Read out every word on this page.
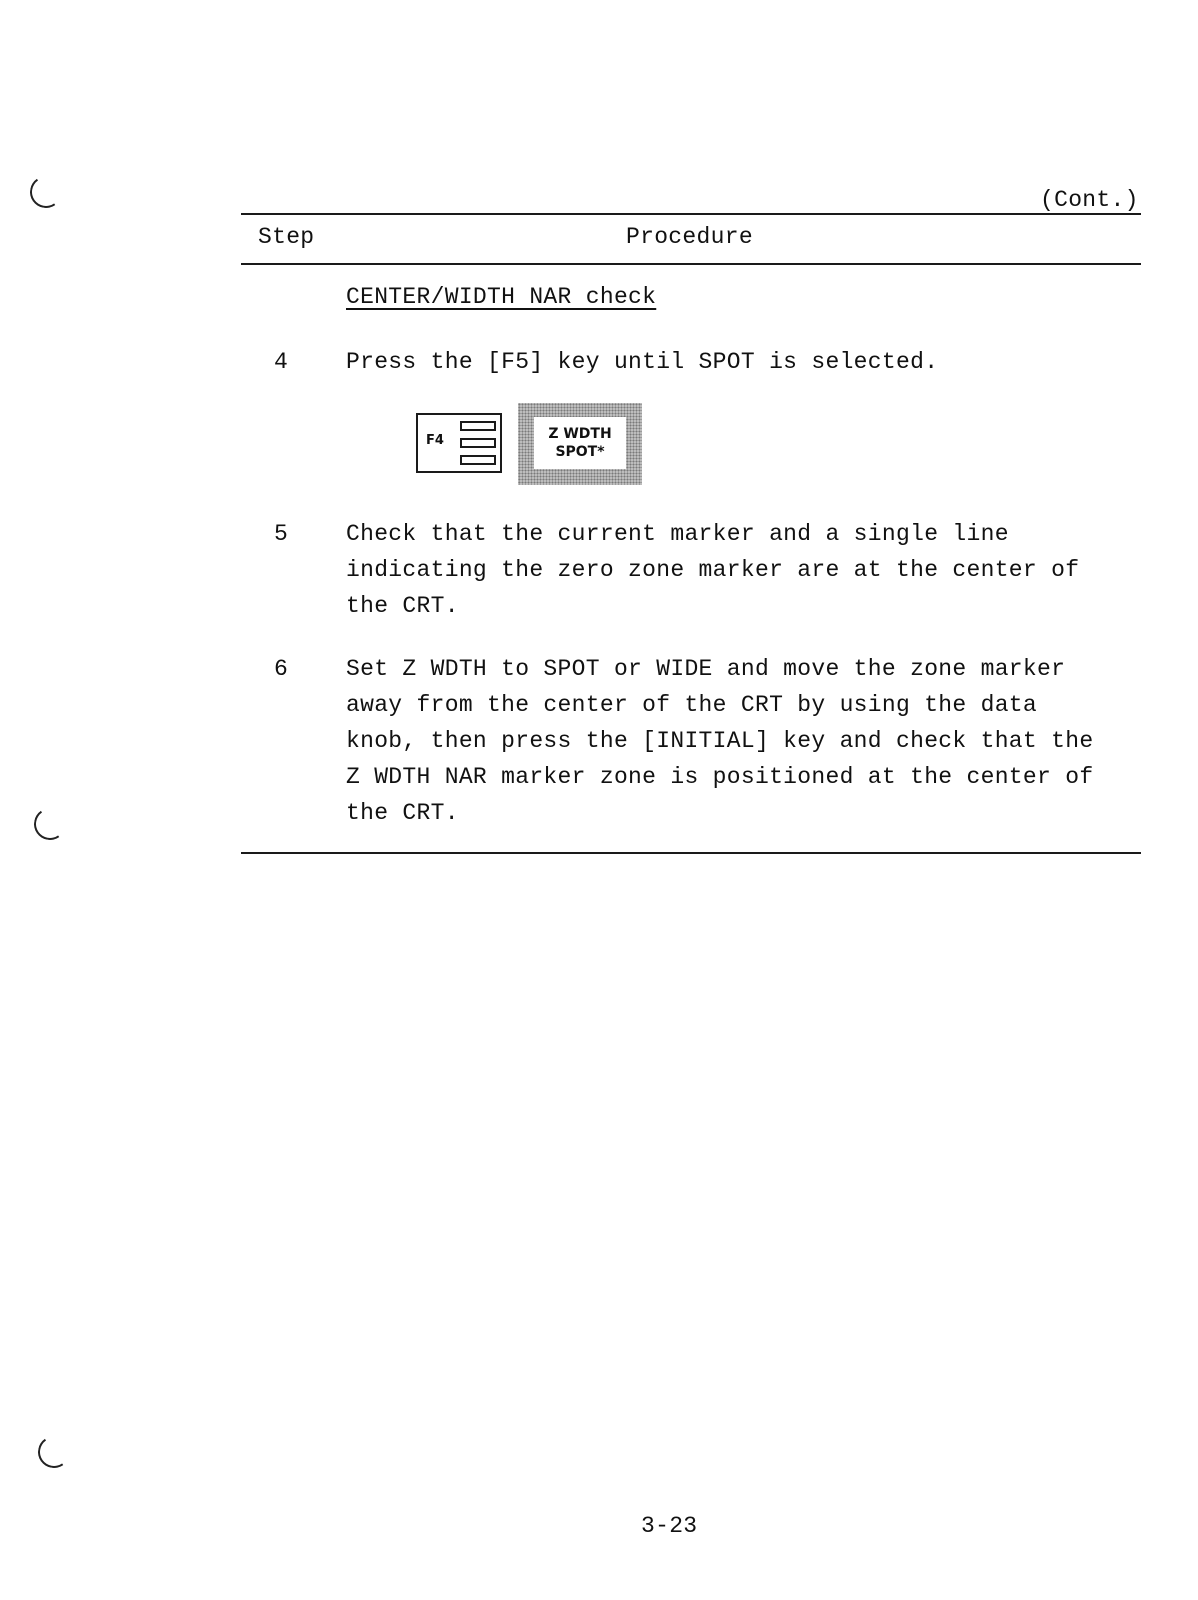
(Cont.)
Step	Procedure
CENTER/WIDTH NAR check
4	Press the [F5] key until SPOT is selected.
F4	Z WDTH
SPOT*
5	Check that the current marker and a single line
indicating the zero zone marker are at the center of
the CRT.
6	Set Z WDTH to SPOT or WIDE and move the zone marker
away from the center of the CRT by using the data
knob, then press the [INITIAL] key and check that the
Z WDTH NAR marker zone is positioned at the center of
the CRT.
3-23
